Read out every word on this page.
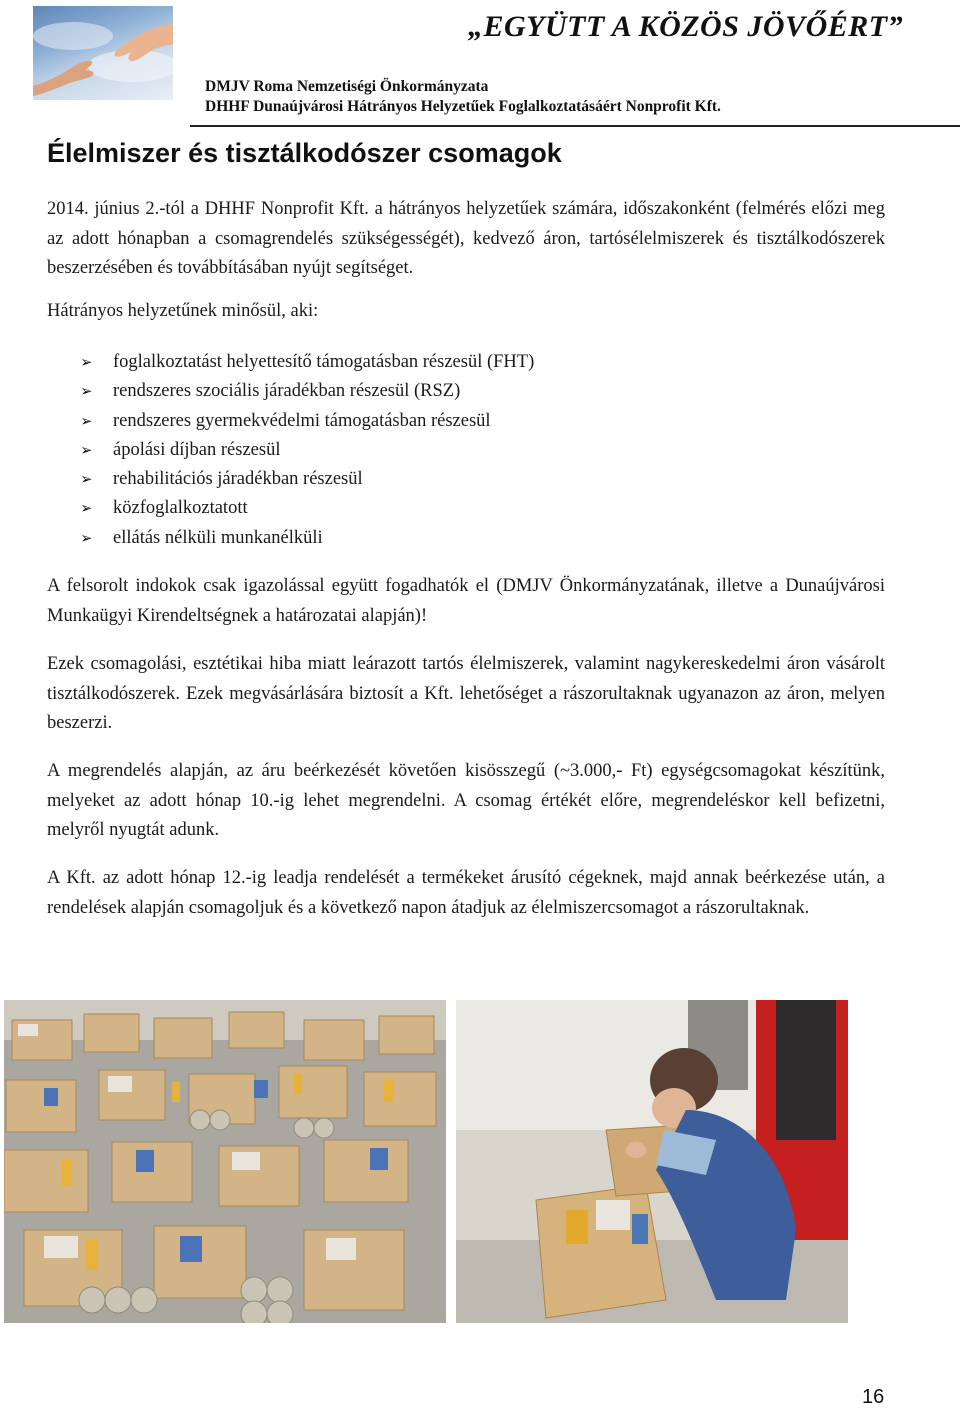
„EGYÜTT A KÖZÖS JÖVŐÉRT”
DMJV Roma Nemzetiségi Önkormányzata
DHHF Dunaújvárosi Hátrányos Helyzetűek Foglalkoztatásáért Nonprofit Kft.
Élelmiszer és tisztálkodószer csomagok

2014. június 2.-tól a DHHF Nonprofit Kft. a hátrányos helyzetűek számára, időszakonként (felmérés előzi meg az adott hónapban a csomagrendelés szükségességét), kedvező áron, tartósélelmiszerek és tisztálkodószerek beszerzésében és továbbításában nyújt segítséget.

Hátrányos helyzetűnek minősül, aki:

➢ foglalkoztatást helyettesítő támogatásban részesül (FHT)
➢ rendszeres szociális járadékban részesül (RSZ)
➢ rendszeres gyermekvédelmi támogatásban részesül
➢ ápolási díjban részesül
➢ rehabilitációs járadékban részesül
➢ közfoglalkoztatott
➢ ellátás nélküli munkanélküli

A felsorolt indokok csak igazolással együtt fogadhatók el (DMJV Önkormányzatának, illetve a Dunaújvárosi Munkaügyi Kirendeltségnek a határozatai alapján)!

Ezek csomagolási, esztétikai hiba miatt leárazott tartós élelmiszerek, valamint nagykereskedelmi áron vásárolt tisztálkodószerek. Ezek megvásárlására biztosít a Kft. lehetőséget a rászorultaknak ugyanazon az áron, melyen beszerzi.

A megrendelés alapján, az áru beérkezését követően kisösszegű (~3.000,- Ft) egységcsomagokat készítünk, melyeket az adott hónap 10.-ig lehet megrendelni. A csomag értékét előre, megrendeléskor kell befizetni, melyről nyugtát adunk.

A Kft. az adott hónap 12.-ig leadja rendelését a termékeket árusító cégeknek, majd annak beérkezése után, a rendelések alapján csomagoljuk és a következő napon átadjuk az élelmiszercsomagot a rászorultaknak.

16
